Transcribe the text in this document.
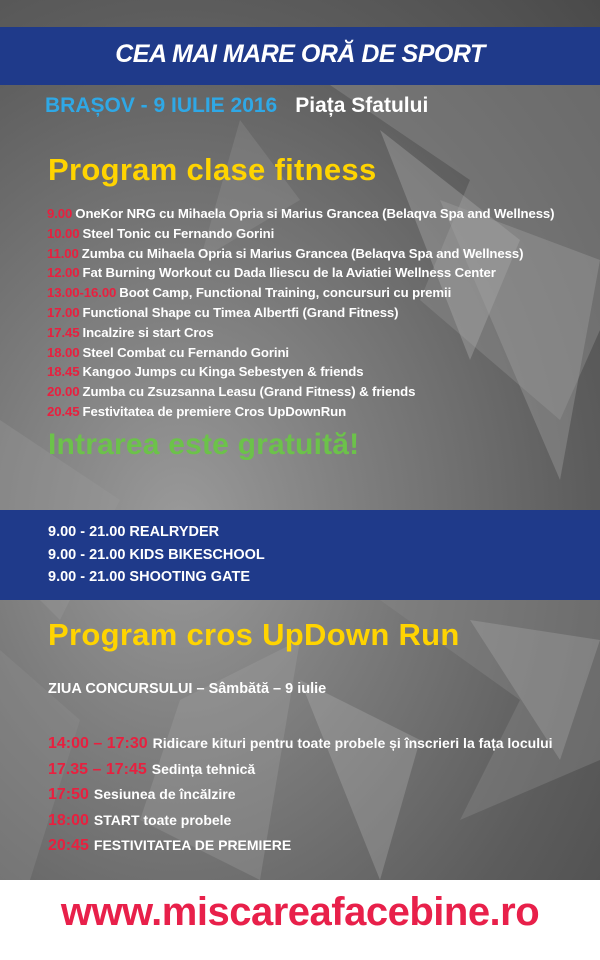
CEA MAI MARE ORĂ DE SPORT
BRAȘOV - 9 IULIE 2016 Piața Sfatului
Program clase fitness
9.00 OneKor NRG cu Mihaela Opria si Marius Grancea (Belaqva Spa and Wellness)
10.00 Steel Tonic cu Fernando Gorini
11.00 Zumba cu Mihaela Opria si Marius Grancea (Belaqva Spa and Wellness)
12.00 Fat Burning Workout cu Dada Iliescu de la Aviatiei Wellness Center
13.00-16.00 Boot Camp, Functional Training, concursuri cu premii
17.00 Functional Shape cu Timea Albertfi (Grand Fitness)
17.45 Incalzire si start Cros
18.00 Steel Combat cu Fernando Gorini
18.45 Kangoo Jumps cu Kinga Sebestyen & friends
20.00 Zumba cu Zsuzsanna Leasu (Grand Fitness) & friends
20.45 Festivitatea de premiere Cros UpDownRun
Intrarea este gratuită!
9.00 - 21.00 REALRYDER
9.00 - 21.00 KIDS BIKESCHOOL
9.00 - 21.00 SHOOTING GATE
Program cros UpDown Run
ZIUA CONCURSULUI – Sâmbătă – 9 iulie
14:00 – 17:30 Ridicare kituri pentru toate probele și înscrieri la fața locului
17.35 – 17:45 Sedința tehnică
17:50 Sesiunea de încălzire
18:00 START toate probele
20:45 FESTIVITATEA DE PREMIERE
www.miscareafacebine.ro
